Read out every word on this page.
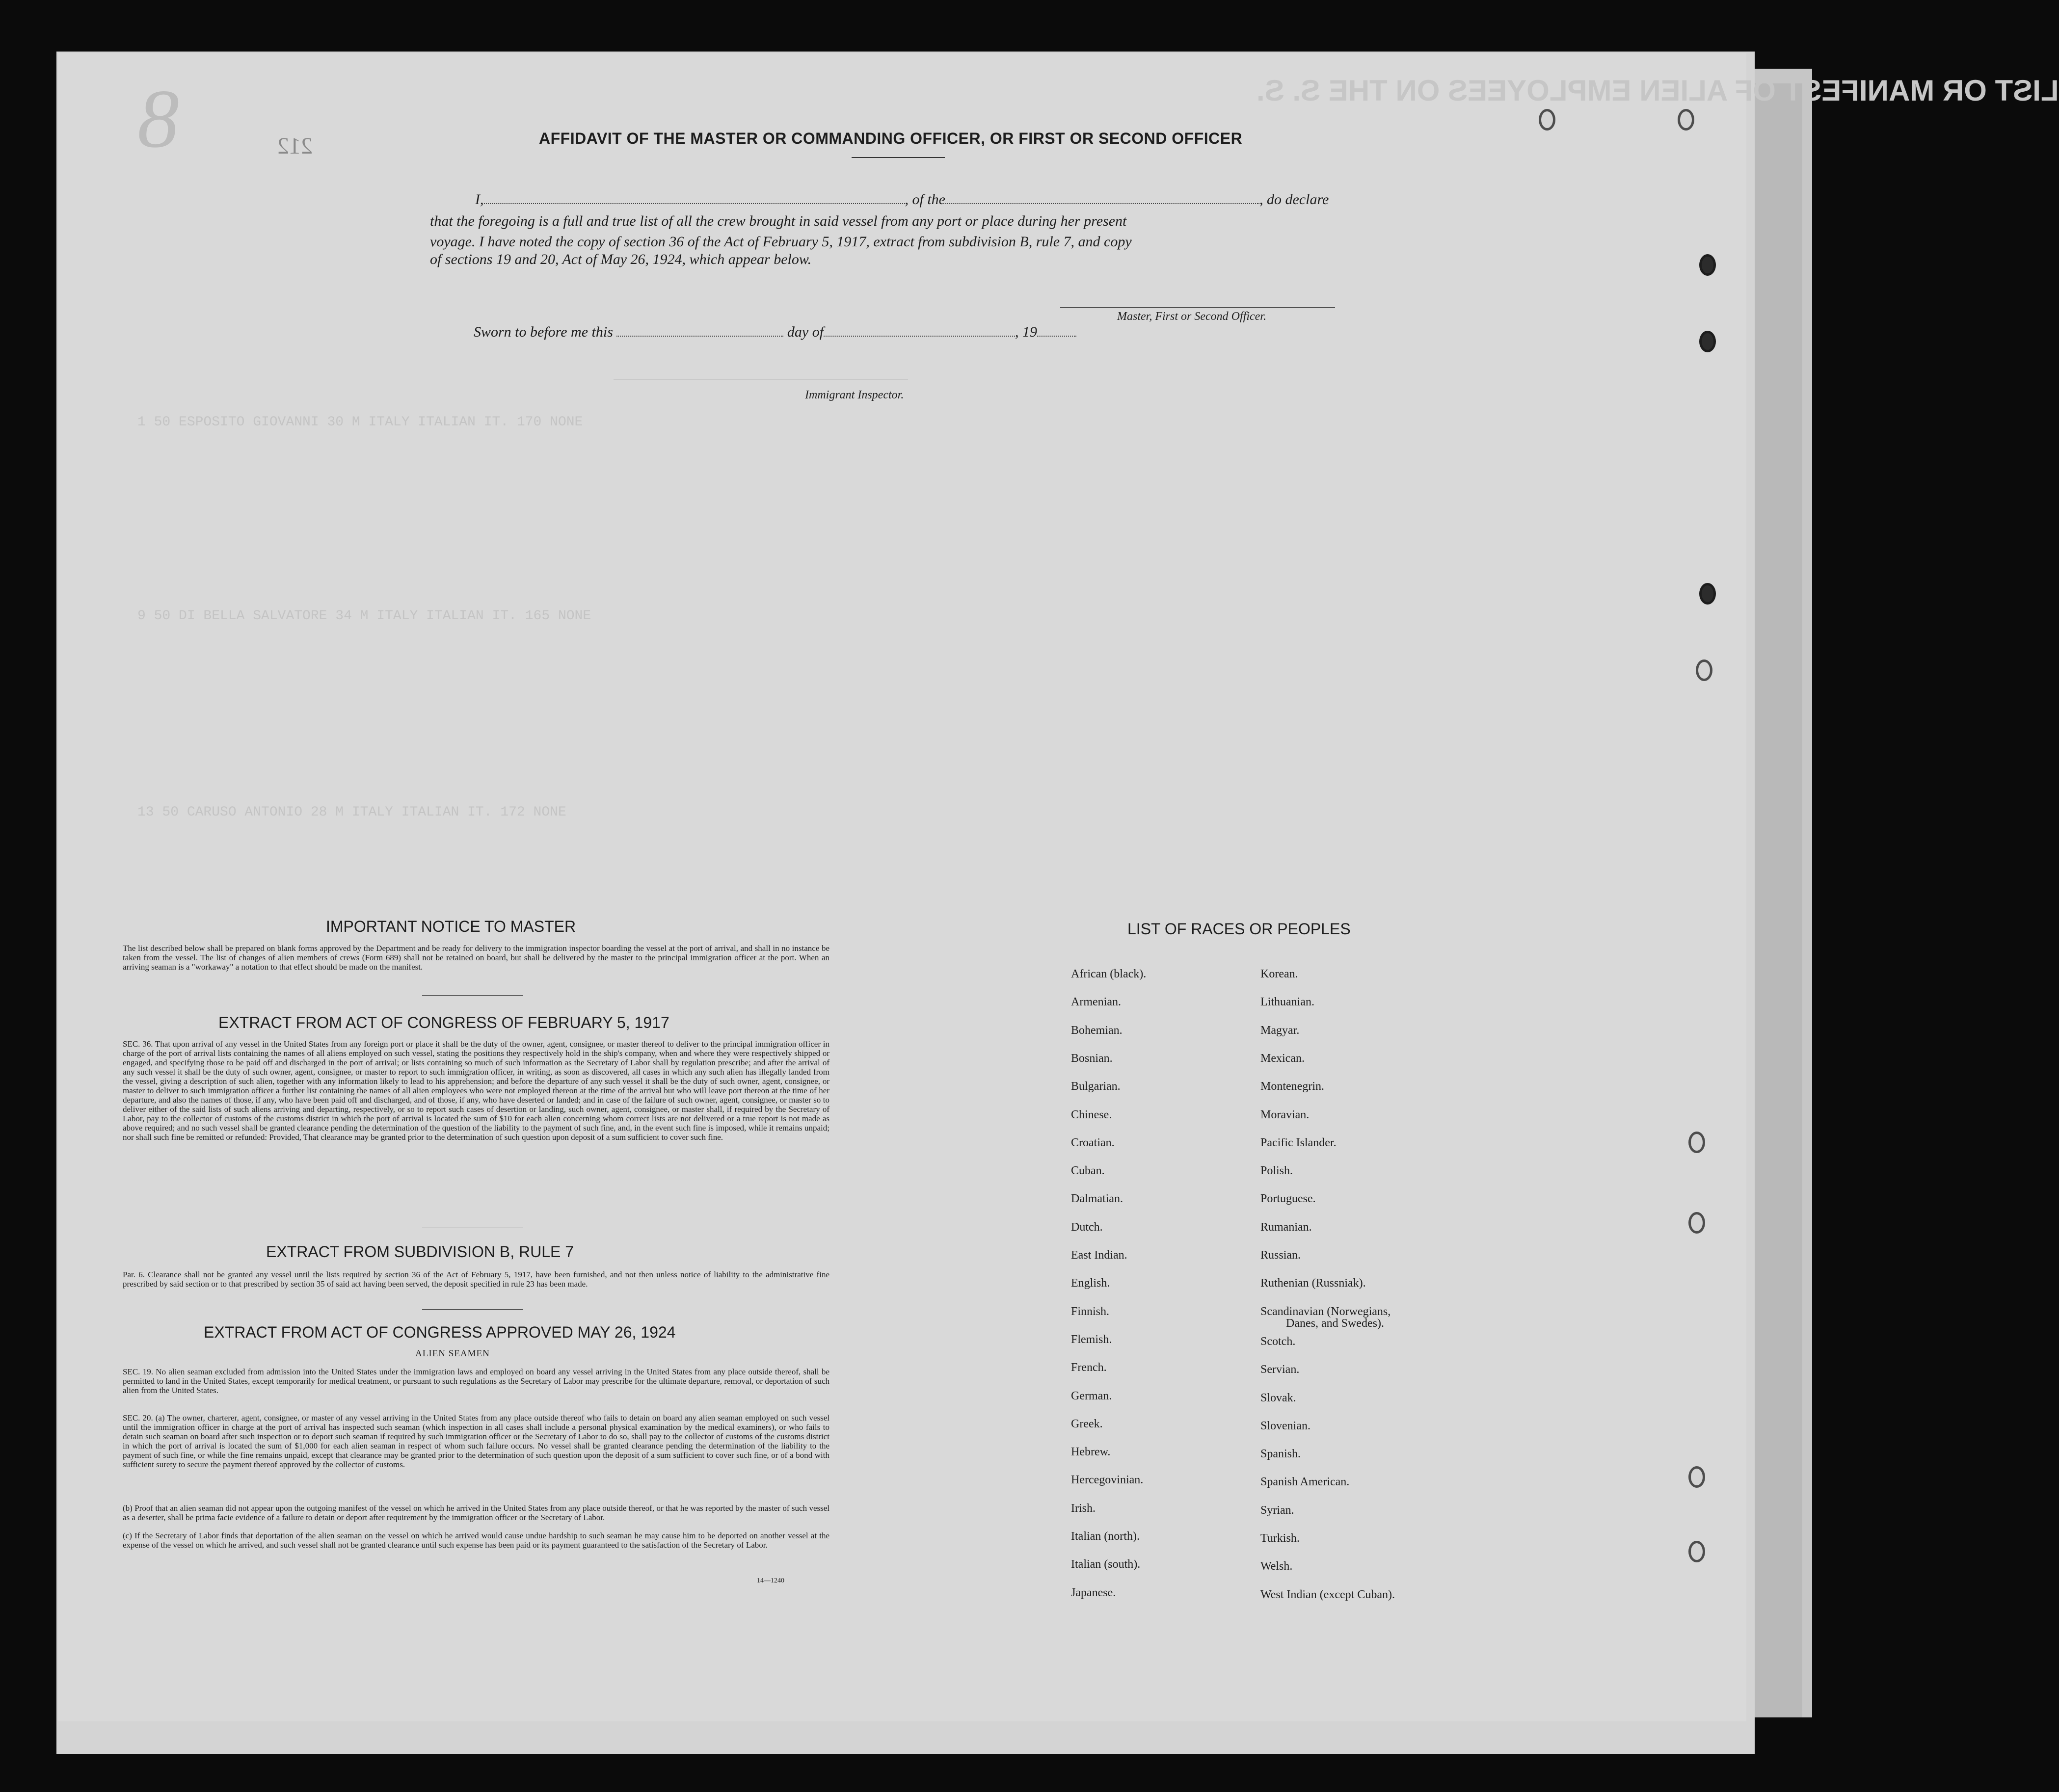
8	212
LIST OR MANIFEST OF ALIEN EMPLOYEES ON THE S. S.
AFFIDAVIT OF THE MASTER OR COMMANDING OFFICER, OR FIRST OR SECOND OFFICER
I,	, of the	, do declare
that the foregoing is a full and true list of all the crew brought in said vessel from any port or place during her present
voyage. I have noted the copy of section 36 of the Act of February 5, 1917, extract from subdivision B, rule 7, and copy
of sections 19 and 20, Act of May 26, 1924, which appear below.
Master, First or Second Officer.
Sworn to before me this	day of	, 19
Immigrant Inspector.
1 50 ESPOSITO GIOVANNI 30 M ITALY ITALIAN IT. 170 NONE
9 50 DI BELLA SALVATORE 34 M ITALY ITALIAN IT. 165 NONE
13 50 CARUSO ANTONIO 28 M ITALY ITALIAN IT. 172 NONE
IMPORTANT NOTICE TO MASTER
The list described below shall be prepared on blank forms approved by the Department and be ready for delivery to the immigration inspector boarding the vessel at the port of arrival, and shall in no instance be taken from the vessel. The list of changes of alien members of crews (Form 689) shall not be retained on board, but shall be delivered by the master to the principal immigration officer at the port. When an arriving seaman is a "workaway" a notation to that effect should be made on the manifest.
EXTRACT FROM ACT OF CONGRESS OF FEBRUARY 5, 1917
SEC. 36. That upon arrival of any vessel in the United States from any foreign port or place it shall be the duty of the owner, agent, consignee, or master thereof to deliver to the principal immigration officer in charge of the port of arrival lists containing the names of all aliens employed on such vessel, stating the positions they respectively hold in the ship's company, when and where they were respectively shipped or engaged, and specifying those to be paid off and discharged in the port of arrival; or lists containing so much of such information as the Secretary of Labor shall by regulation prescribe; and after the arrival of any such vessel it shall be the duty of such owner, agent, consignee, or master to report to such immigration officer, in writing, as soon as discovered, all cases in which any such alien has illegally landed from the vessel, giving a description of such alien, together with any information likely to lead to his apprehension; and before the departure of any such vessel it shall be the duty of such owner, agent, consignee, or master to deliver to such immigration officer a further list containing the names of all alien employees who were not employed thereon at the time of the arrival but who will leave port thereon at the time of her departure, and also the names of those, if any, who have been paid off and discharged, and of those, if any, who have deserted or landed; and in case of the failure of such owner, agent, consignee, or master so to deliver either of the said lists of such aliens arriving and departing, respectively, or so to report such cases of desertion or landing, such owner, agent, consignee, or master shall, if required by the Secretary of Labor, pay to the collector of customs of the customs district in which the port of arrival is located the sum of $10 for each alien concerning whom correct lists are not delivered or a true report is not made as above required; and no such vessel shall be granted clearance pending the determination of the question of the liability to the payment of such fine, and, in the event such fine is imposed, while it remains unpaid; nor shall such fine be remitted or refunded: Provided, That clearance may be granted prior to the determination of such question upon deposit of a sum sufficient to cover such fine.
EXTRACT FROM SUBDIVISION B, RULE 7
Par. 6. Clearance shall not be granted any vessel until the lists required by section 36 of the Act of February 5, 1917, have been furnished, and not then unless notice of liability to the administrative fine prescribed by said section or to that prescribed by section 35 of said act having been served, the deposit specified in rule 23 has been made.
EXTRACT FROM ACT OF CONGRESS APPROVED MAY 26, 1924
ALIEN SEAMEN
SEC. 19. No alien seaman excluded from admission into the United States under the immigration laws and employed on board any vessel arriving in the United States from any place outside thereof, shall be permitted to land in the United States, except temporarily for medical treatment, or pursuant to such regulations as the Secretary of Labor may prescribe for the ultimate departure, removal, or deportation of such alien from the United States.
SEC. 20. (a) The owner, charterer, agent, consignee, or master of any vessel arriving in the United States from any place outside thereof who fails to detain on board any alien seaman employed on such vessel until the immigration officer in charge at the port of arrival has inspected such seaman (which inspection in all cases shall include a personal physical examination by the medical examiners), or who fails to detain such seaman on board after such inspection or to deport such seaman if required by such immigration officer or the Secretary of Labor to do so, shall pay to the collector of customs of the customs district in which the port of arrival is located the sum of $1,000 for each alien seaman in respect of whom such failure occurs. No vessel shall be granted clearance pending the determination of the liability to the payment of such fine, or while the fine remains unpaid, except that clearance may be granted prior to the determination of such question upon the deposit of a sum sufficient to cover such fine, or of a bond with sufficient surety to secure the payment thereof approved by the collector of customs.
(b) Proof that an alien seaman did not appear upon the outgoing manifest of the vessel on which he arrived in the United States from any place outside thereof, or that he was reported by the master of such vessel as a deserter, shall be prima facie evidence of a failure to detain or deport after requirement by the immigration officer or the Secretary of Labor.
(c) If the Secretary of Labor finds that deportation of the alien seaman on the vessel on which he arrived would cause undue hardship to such seaman he may cause him to be deported on another vessel at the expense of the vessel on which he arrived, and such vessel shall not be granted clearance until such expense has been paid or its payment guaranteed to the satisfaction of the Secretary of Labor.
14—1240
LIST OF RACES OR PEOPLES
African (black).
Armenian.
Bohemian.
Bosnian.
Bulgarian.
Chinese.
Croatian.
Cuban.
Dalmatian.
Dutch.
East Indian.
English.
Finnish.
Flemish.
French.
German.
Greek.
Hebrew.
Hercegovinian.
Irish.
Italian (north).
Italian (south).
Japanese.
Korean.
Lithuanian.
Magyar.
Mexican.
Montenegrin.
Moravian.
Pacific Islander.
Polish.
Portuguese.
Rumanian.
Russian.
Ruthenian (Russniak).
Scandinavian (Norwegians,
Scotch.
Servian.
Slovak.
Slovenian.
Spanish.
Spanish American.
Syrian.
Turkish.
Welsh.
West Indian (except Cuban).
Danes, and Swedes).
